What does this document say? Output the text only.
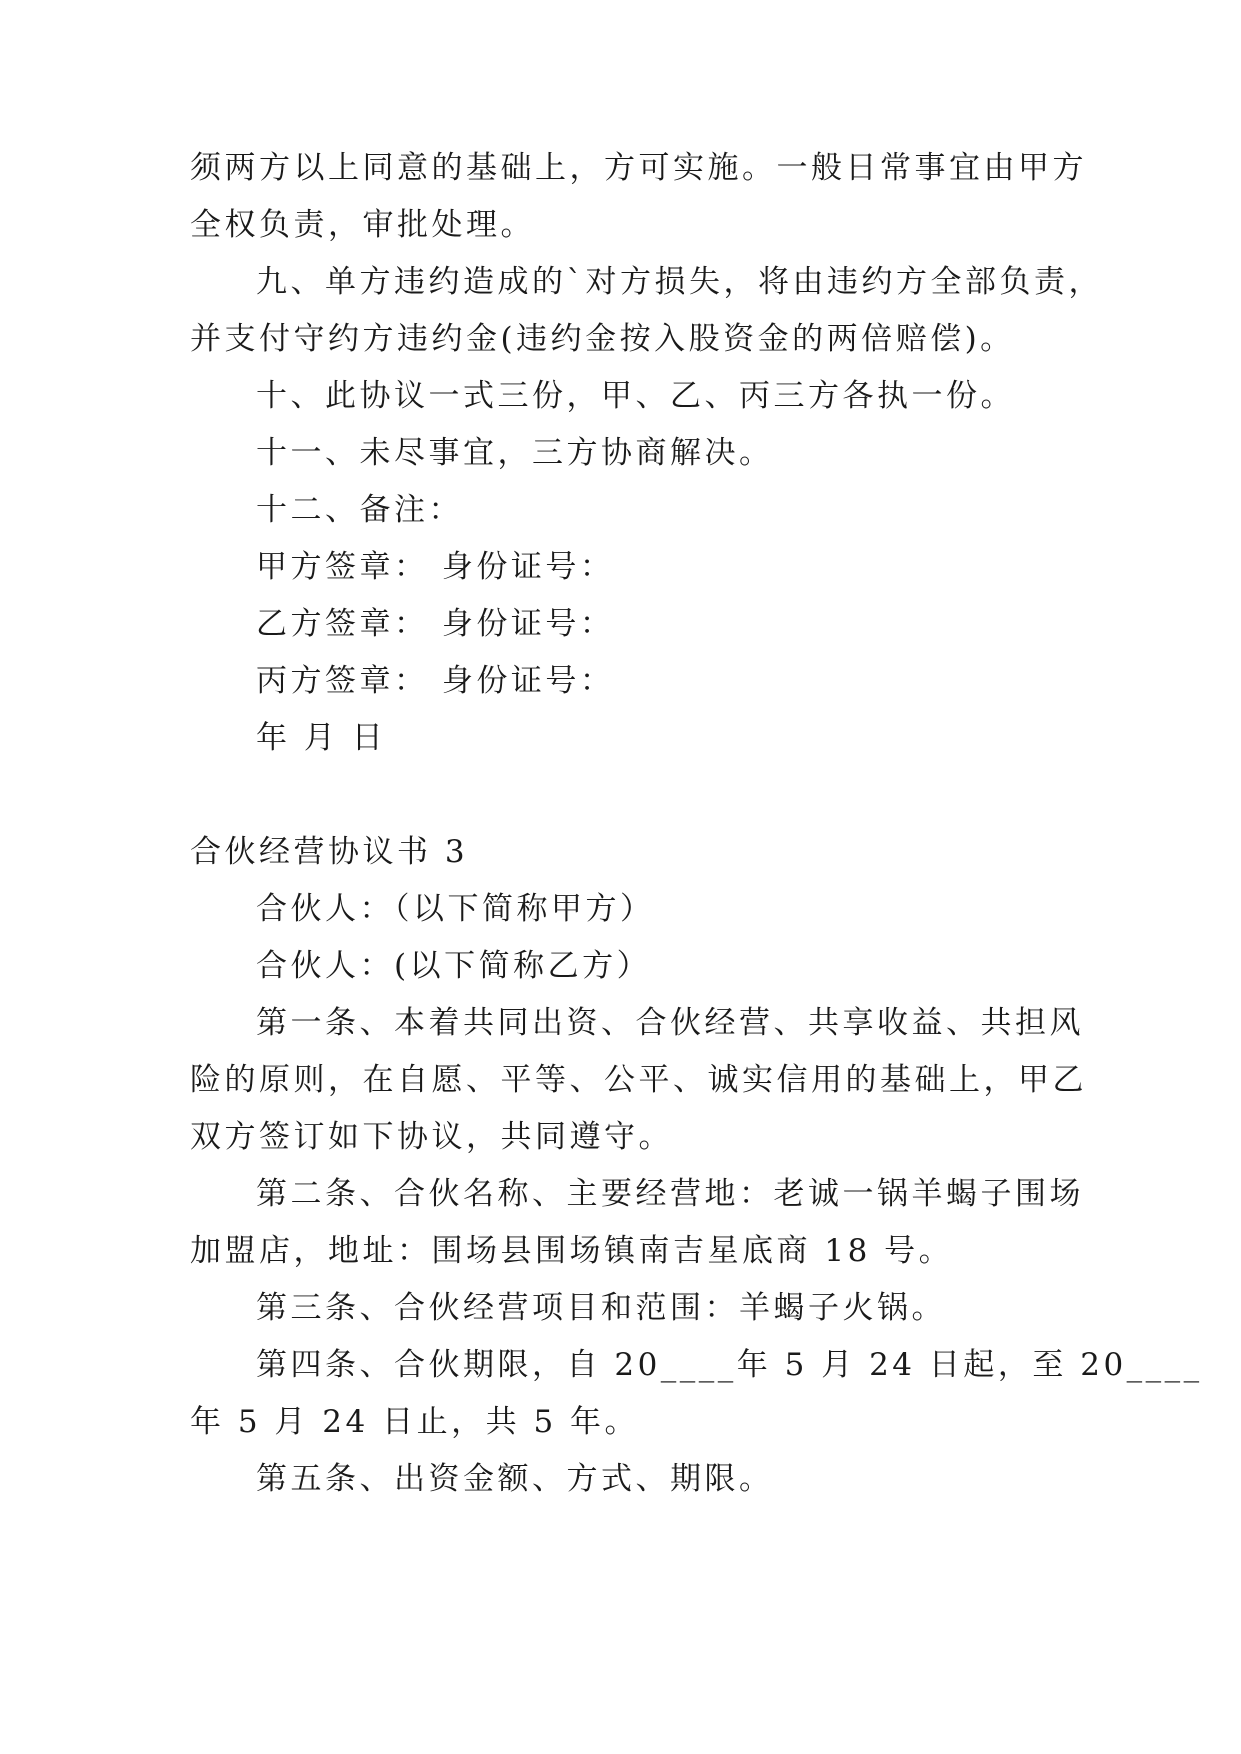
须两方以上同意的基础上，方可实施。一般日常事宜由甲方
全权负责，审批处理。
九、单方违约造成的`对方损失，将由违约方全部负责，
并支付守约方违约金(违约金按入股资金的两倍赔偿)。
十、此协议一式三份，甲、乙、丙三方各执一份。
十一、未尽事宜，三方协商解决。
十二、备注：
甲方签章： 身份证号：
乙方签章： 身份证号：
丙方签章： 身份证号：
年 月 日
合伙经营协议书 3
合伙人：（以下简称甲方）
合伙人：(以下简称乙方）
第一条、本着共同出资、合伙经营、共享收益、共担风
险的原则，在自愿、平等、公平、诚实信用的基础上，甲乙
双方签订如下协议，共同遵守。
第二条、合伙名称、主要经营地：老诚一锅羊蝎子围场
加盟店，地址：围场县围场镇南吉星底商 18 号。
第三条、合伙经营项目和范围：羊蝎子火锅。
第四条、合伙期限，自 20____年 5 月 24 日起，至 20____
年 5 月 24 日止，共 5 年。
第五条、出资金额、方式、期限。
